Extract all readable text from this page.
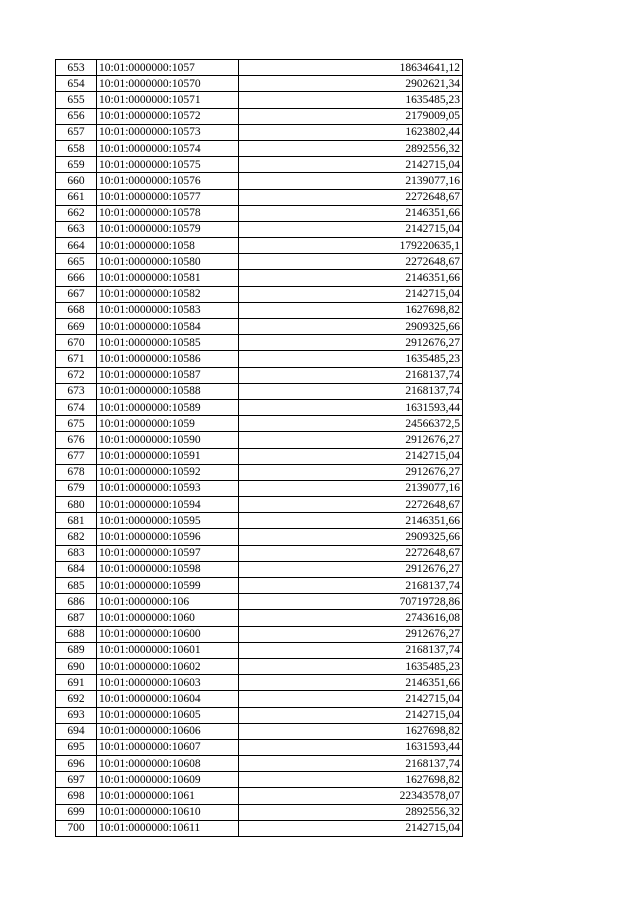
653	10:01:0000000:1057	18634641,12
654	10:01:0000000:10570	2902621,34
655	10:01:0000000:10571	1635485,23
656	10:01:0000000:10572	2179009,05
657	10:01:0000000:10573	1623802,44
658	10:01:0000000:10574	2892556,32
659	10:01:0000000:10575	2142715,04
660	10:01:0000000:10576	2139077,16
661	10:01:0000000:10577	2272648,67
662	10:01:0000000:10578	2146351,66
663	10:01:0000000:10579	2142715,04
664	10:01:0000000:1058	179220635,1
665	10:01:0000000:10580	2272648,67
666	10:01:0000000:10581	2146351,66
667	10:01:0000000:10582	2142715,04
668	10:01:0000000:10583	1627698,82
669	10:01:0000000:10584	2909325,66
670	10:01:0000000:10585	2912676,27
671	10:01:0000000:10586	1635485,23
672	10:01:0000000:10587	2168137,74
673	10:01:0000000:10588	2168137,74
674	10:01:0000000:10589	1631593,44
675	10:01:0000000:1059	24566372,5
676	10:01:0000000:10590	2912676,27
677	10:01:0000000:10591	2142715,04
678	10:01:0000000:10592	2912676,27
679	10:01:0000000:10593	2139077,16
680	10:01:0000000:10594	2272648,67
681	10:01:0000000:10595	2146351,66
682	10:01:0000000:10596	2909325,66
683	10:01:0000000:10597	2272648,67
684	10:01:0000000:10598	2912676,27
685	10:01:0000000:10599	2168137,74
686	10:01:0000000:106	70719728,86
687	10:01:0000000:1060	2743616,08
688	10:01:0000000:10600	2912676,27
689	10:01:0000000:10601	2168137,74
690	10:01:0000000:10602	1635485,23
691	10:01:0000000:10603	2146351,66
692	10:01:0000000:10604	2142715,04
693	10:01:0000000:10605	2142715,04
694	10:01:0000000:10606	1627698,82
695	10:01:0000000:10607	1631593,44
696	10:01:0000000:10608	2168137,74
697	10:01:0000000:10609	1627698,82
698	10:01:0000000:1061	22343578,07
699	10:01:0000000:10610	2892556,32
700	10:01:0000000:10611	2142715,04
